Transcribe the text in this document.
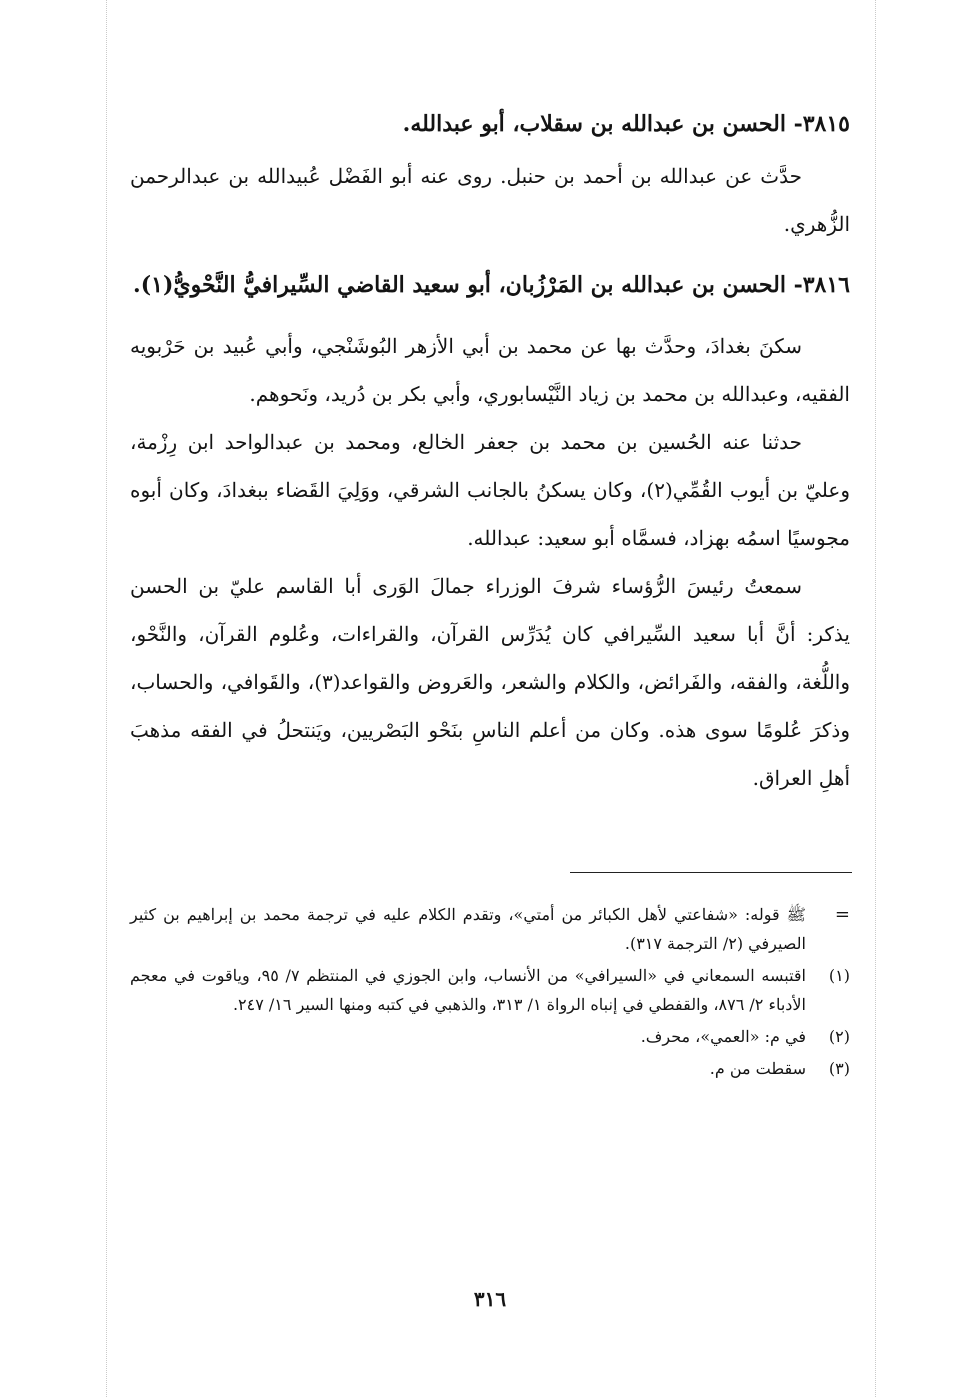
٣٨١٥- الحسن بن عبدالله بن سقلاب، أبو عبدالله.

حدَّث عن عبدالله بن أحمد بن حنبل. روى عنه أبو الفَضْل عُبيدالله بن عبدالرحمن الزُّهري.

٣٨١٦- الحسن بن عبدالله بن المَرْزُبان، أبو سعيد القاضي السِّيرافيُّ النَّحْويُّ(١).

سكنَ بغدادَ، وحدَّث بها عن محمد بن أبي الأزهر البُوشَنْجي، وأبي عُبيد بن حَرْبويه الفقيه، وعبدالله بن محمد بن زياد النَّيْسابوري، وأبي بكر بن دُريد، ونَحوهم.

حدثنا عنه الحُسين بن محمد بن جعفر الخالع، ومحمد بن عبدالواحد ابن رِزْمة، وعليّ بن أيوب القُمِّي(٢)، وكان يسكنُ بالجانب الشرقي، ووَلِيَ القَضاء ببغدادَ، وكان أبوه مجوسيًا اسمُه بهزاد، فسمَّاه أبو سعيد: عبدالله.

سمعتُ رئيسَ الرُّؤساء شرفَ الوزراء جمالَ الوَرى أبا القاسم عليّ بن الحسن يذكر: أنَّ أبا سعيد السِّيرافي كان يُدَرِّس القرآن، والقراءات، وعُلوم القرآن، والنَّحْو، واللُّغة، والفقه، والفَرائض، والكلام والشعر، والعَروض والقواعد(٣)، والقَوافي، والحساب، وذكرَ عُلومًا سوى هذه. وكان من أعلم الناسِ بنَحْو البَصْريين، ويَنتحلُ في الفقه مذهبَ أهلِ العراق.

=
ﷺ قوله: «شفاعتي لأهل الكبائر من أمتي»، وتقدم الكلام عليه في ترجمة محمد بن إبراهيم بن كثير الصيرفي (٢/ الترجمة ٣١٧).
(١)
اقتبسه السمعاني في «السيرافي» من الأنساب، وابن الجوزي في المنتظم ٧/ ٩٥، وياقوت في معجم الأدباء ٢/ ٨٧٦، والقفطي في إنباه الرواة ١/ ٣١٣، والذهبي في كتبه ومنها السير ١٦/ ٢٤٧.
(٢)
في م: «العمي»، محرف.
(٣)
سقطت من م.
٣١٦
